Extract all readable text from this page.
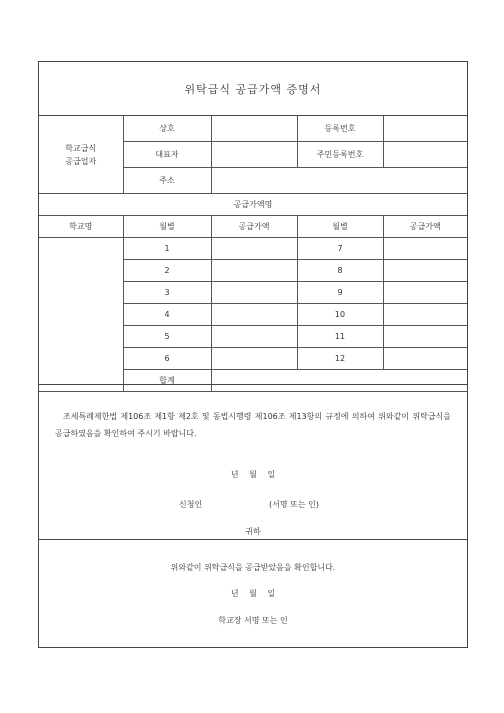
위탁급식 공급가액 증명서
학교급식
공급업자	상호		등록번호	
	대표자		주민등록번호	
	주소			
공급가액명				
학교명	월별	공급가액	월별	공급가액
	1		7	
	2		8	
	3		9	
	4		10	
	5		11	
	6		12	
	합계			
조세특례제한법 제106조 제1항 제2호 및 동법시행령 제106조 제13항의 규정에 의하여 위와같이 위탁급식을 공급하였음을 확인하여 주시기 바랍니다.
년 월 일
신청인	(서명 또는 인)
귀하
위와같이 위탁급식을 공급받았음을 확인합니다.
년 월 일
학교장 서명 또는 인
